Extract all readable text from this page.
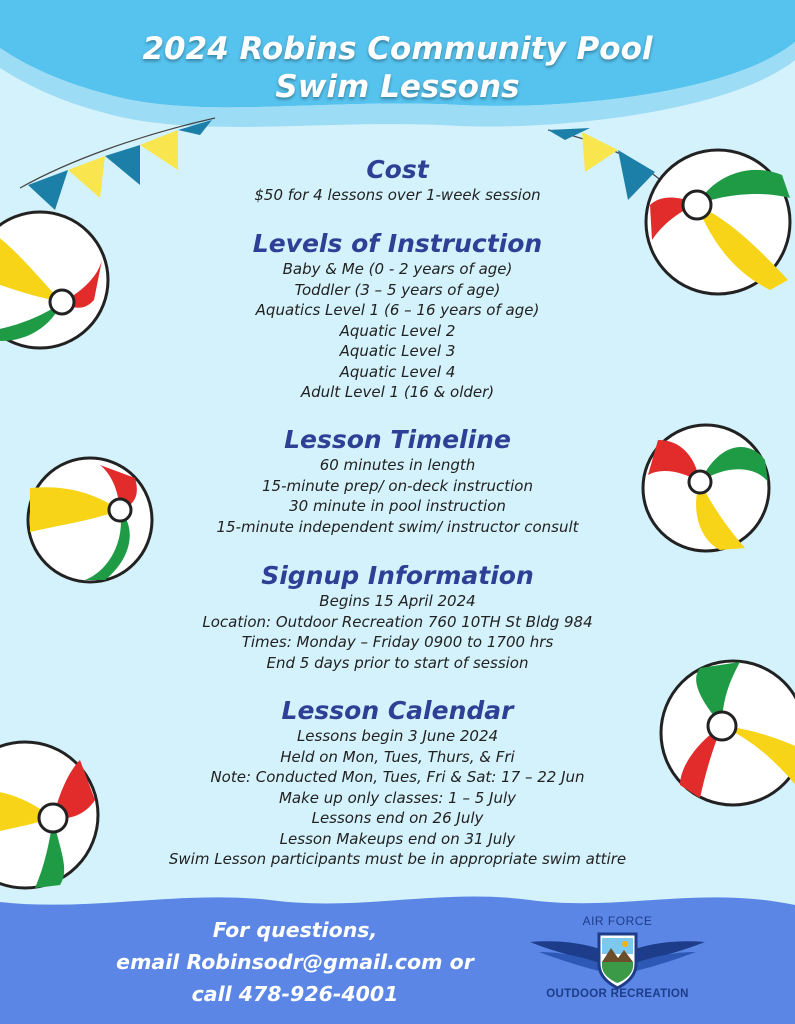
2024 Robins Community Pool
Swim Lessons
Cost
$50 for 4 lessons over 1-week session
Levels of Instruction
Baby & Me (0 - 2 years of age)
Toddler (3 – 5 years of age)
Aquatics Level 1 (6 – 16 years of age)
Aquatic Level 2
Aquatic Level 3
Aquatic Level 4
Adult Level 1 (16 & older)
Lesson Timeline
60 minutes in length
15-minute prep/ on-deck instruction
30 minute in pool instruction
15-minute independent swim/ instructor consult
Signup Information
Begins 15 April 2024
Location: Outdoor Recreation 760 10TH St Bldg 984
Times: Monday – Friday 0900 to 1700 hrs
End 5 days prior to start of session
Lesson Calendar
Lessons begin 3 June 2024
Held on Mon, Tues, Thurs, & Fri
Note: Conducted Mon, Tues, Fri & Sat: 17 – 22 Jun
Make up only classes: 1 – 5 July
Lessons end on 26 July
Lesson Makeups end on 31 July
Swim Lesson participants must be in appropriate swim attire
For questions,
email Robinsodr@gmail.com or
call 478-926-4001
AIR FORCE
OUTDOOR RECREATION
